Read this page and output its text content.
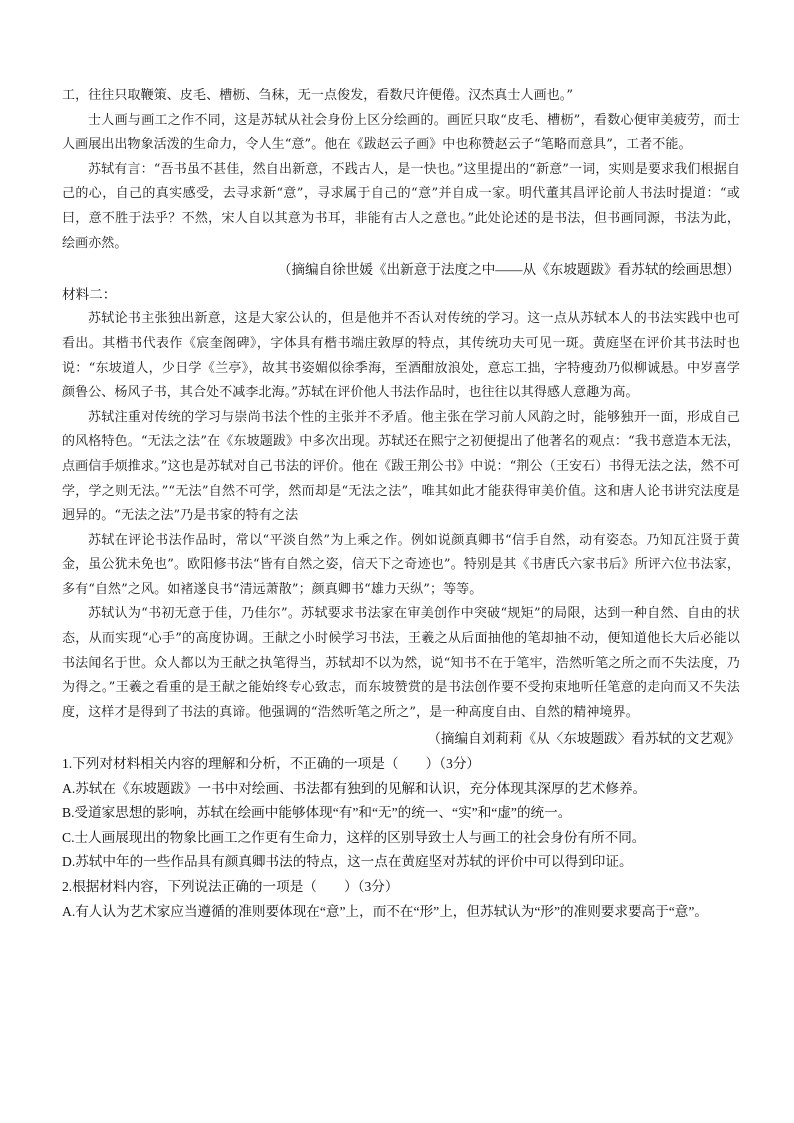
工，往往只取鞭策、皮毛、槽枥、刍秣，无一点俊发，看数尺许便倦。汉杰真士人画也。”

士人画与画工之作不同，这是苏轼从社会身份上区分绘画的。画匠只取“皮毛、槽枥”，看数心便审美疲劳，而士人画展出出物象活泼的生命力，令人生“意”。他在《跋赵云子画》中也称赞赵云子“笔略而意具”，工者不能。

苏轼有言：“吾书虽不甚佳，然自出新意，不践古人，是一快也。”这里提出的“新意”一词，实则是要求我们根据自己的心，自己的真实感受，去寻求新“意”，寻求属于自己的“意”并自成一家。明代董其昌评论前人书法时提道：“或曰，意不胜于法乎？不然，宋人自以其意为书耳，非能有古人之意也。”此处论述的是书法，但书画同源，书法为此，绘画亦然。

（摘编自徐世媛《出新意于法度之中——从《东坡题跋》看苏轼的绘画思想）

材料二：

苏轼论书主张独出新意，这是大家公认的，但是他并不否认对传统的学习。这一点从苏轼本人的书法实践中也可看出。其楷书代表作《宸奎阁碑》，字体具有楷书端庄敦厚的特点，其传统功夫可见一斑。黄庭坚在评价其书法时也说：“东坡道人，少日学《兰亭》，故其书姿媚似徐季海，至酒酣放浪处，意忘工拙，字特瘦劲乃似柳诚悬。中岁喜学颜鲁公、杨风子书，其合处不减李北海。”苏轼在评价他人书法作品时，也往往以其得感人意趣为高。

苏轼注重对传统的学习与崇尚书法个性的主张并不矛盾。他主张在学习前人风韵之时，能够独开一面，形成自己的风格特色。“无法之法”在《东坡题跋》中多次出现。苏轼还在熙宁之初便提出了他著名的观点：“我书意造本无法，点画信手烦推求。”这也是苏轼对自己书法的评价。他在《跋王荆公书》中说：“荆公（王安石）书得无法之法，然不可学，学之则无法。”“无法”自然不可学，然而却是“无法之法”，唯其如此才能获得审美价值。这和唐人论书讲究法度是迥异的。“无法之法”乃是书家的特有之法

苏轼在评论书法作品时，常以“平淡自然”为上乘之作。例如说颜真卿书“信手自然，动有姿态。乃知瓦注贤于黄金，虽公犹未免也”。欧阳修书法“皆有自然之姿，信天下之奇迹也”。特别是其《书唐氏六家书后》所评六位书法家，多有“自然”之风。如褚遂良书“清远萧散”；颜真卿书“雄力天纵”；等等。

苏轼认为“书初无意于佳，乃佳尔”。苏轼要求书法家在审美创作中突破“规矩”的局限，达到一种自然、自由的状态，从而实现“心手”的高度协调。王献之小时候学习书法，王羲之从后面抽他的笔却抽不动，便知道他长大后必能以书法闻名于世。众人都以为王献之执笔得当，苏轼却不以为然，说“知书不在于笔牢，浩然听笔之所之而不失法度，乃为得之。”王羲之看重的是王献之能始终专心致志，而东坡赞赏的是书法创作要不受拘束地听任笔意的走向而又不失法度，这样才是得到了书法的真谛。他强调的“浩然听笔之所之”，是一种高度自由、自然的精神境界。

（摘编自刘莉莉《从〈东坡题跋〉看苏轼的文艺观》

1.下列对材料相关内容的理解和分析，不正确的一项是（　　）（3分）

A.苏轼在《东坡题跋》一书中对绘画、书法都有独到的见解和认识，充分体现其深厚的艺术修养。

B.受道家思想的影响，苏轼在绘画中能够体现“有”和“无”的统一、“实”和“虚”的统一。

C.士人画展现出的物象比画工之作更有生命力，这样的区别导致士人与画工的社会身份有所不同。

D.苏轼中年的一些作品具有颜真卿书法的特点，这一点在黄庭坚对苏轼的评价中可以得到印证。

2.根据材料内容，下列说法正确的一项是（　　）（3分）

A.有人认为艺术家应当遵循的准则要体现在“意”上，而不在“形”上，但苏轼认为“形”的准则要求要高于“意”。
